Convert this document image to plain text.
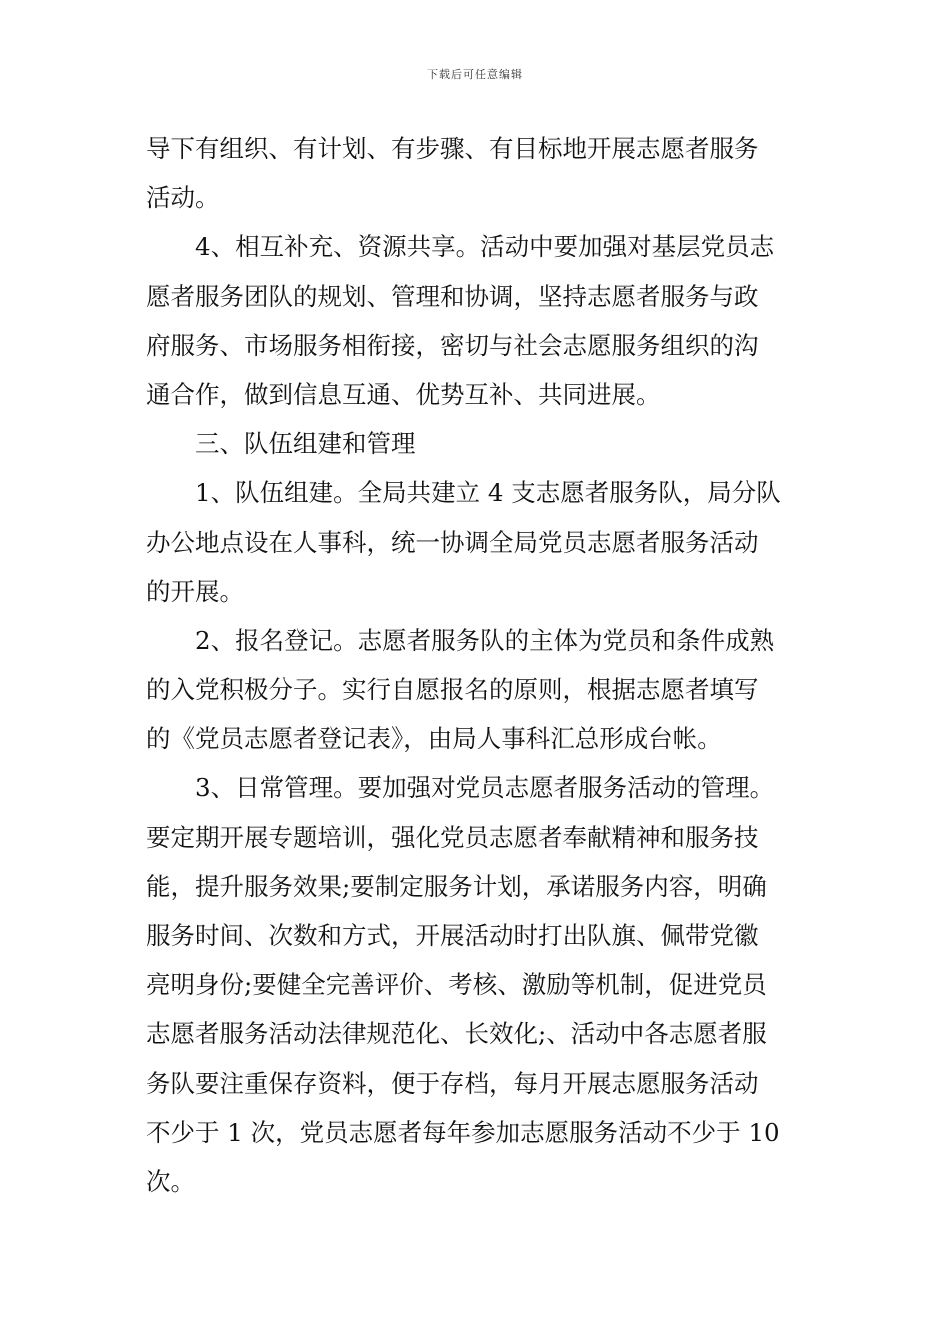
下载后可任意编辑
导下有组织、有计划、有步骤、有目标地开展志愿者服务
活动。
4、相互补充、资源共享。活动中要加强对基层党员志
愿者服务团队的规划、管理和协调，坚持志愿者服务与政
府服务、市场服务相衔接，密切与社会志愿服务组织的沟
通合作，做到信息互通、优势互补、共同进展。
三、队伍组建和管理
1、队伍组建。全局共建立 4 支志愿者服务队，局分队
办公地点设在人事科，统一协调全局党员志愿者服务活动
的开展。
2、报名登记。志愿者服务队的主体为党员和条件成熟
的入党积极分子。实行自愿报名的原则，根据志愿者填写
的《党员志愿者登记表》，由局人事科汇总形成台帐。
3、日常管理。要加强对党员志愿者服务活动的管理。
要定期开展专题培训，强化党员志愿者奉献精神和服务技
能，提升服务效果;要制定服务计划，承诺服务内容，明确
服务时间、次数和方式，开展活动时打出队旗、佩带党徽
亮明身份;要健全完善评价、考核、激励等机制，促进党员
志愿者服务活动法律规范化、长效化;、活动中各志愿者服
务队要注重保存资料，便于存档，每月开展志愿服务活动
不少于 1 次，党员志愿者每年参加志愿服务活动不少于 10
次。
